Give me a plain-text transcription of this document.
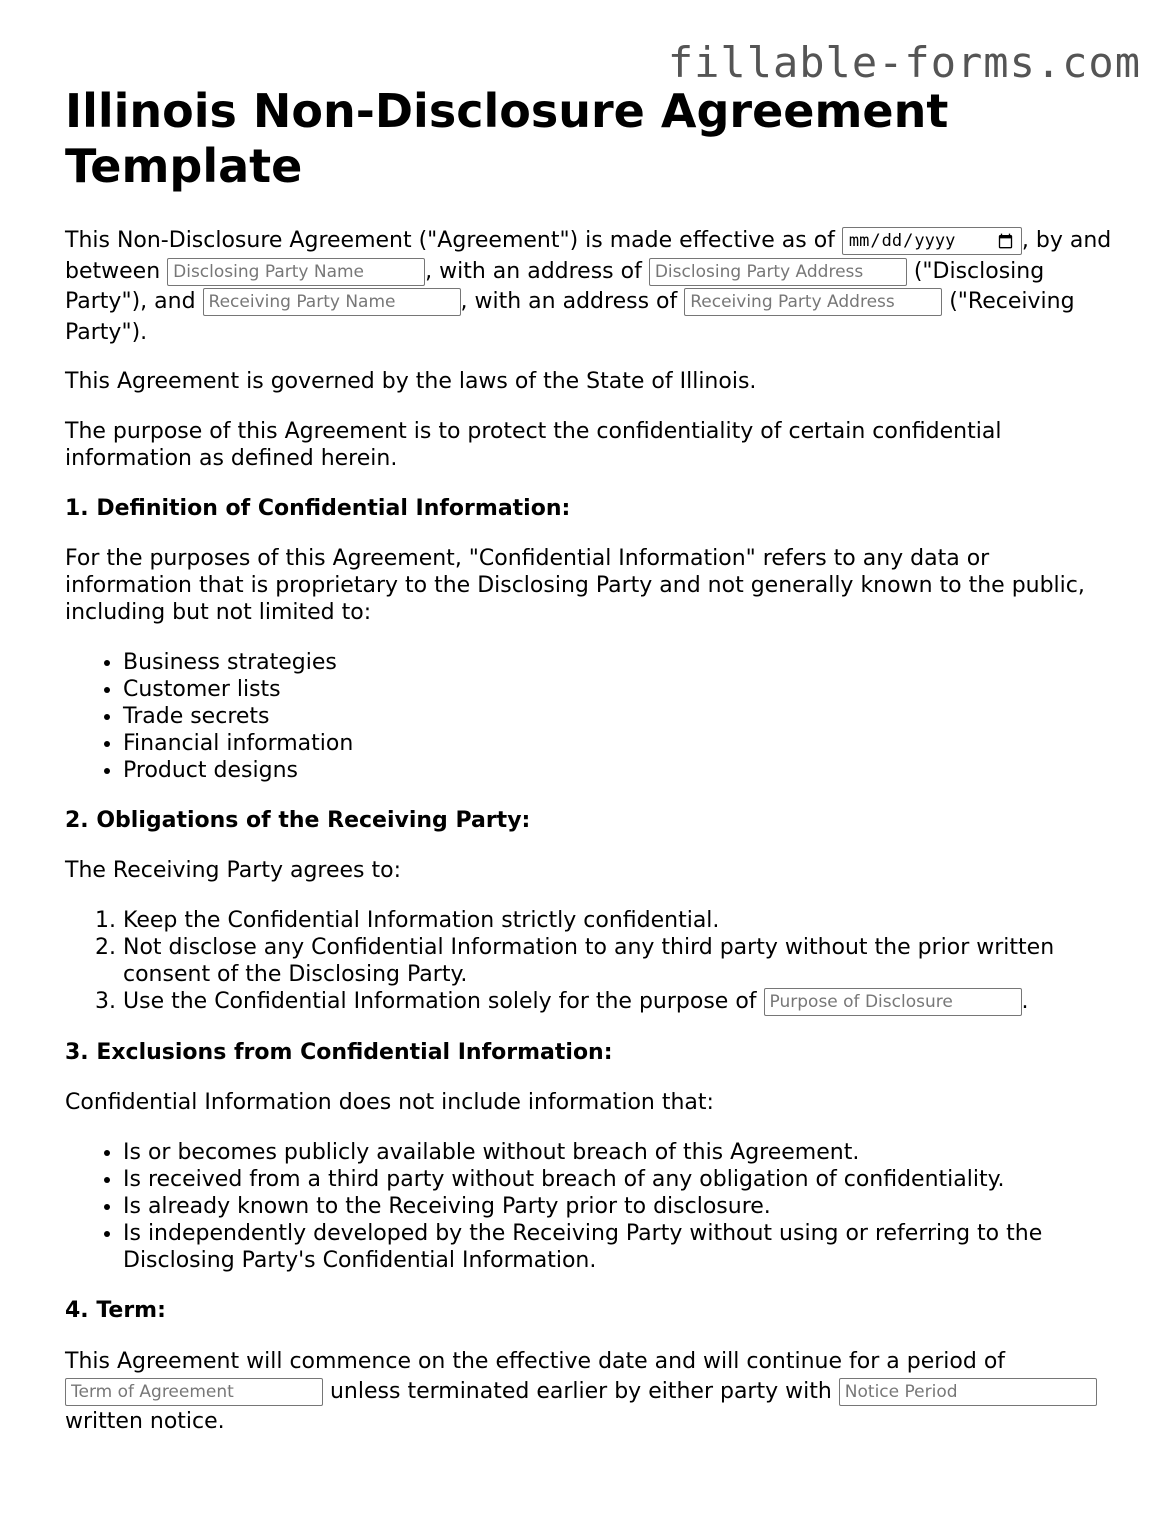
fillable-forms.com
Illinois Non-Disclosure Agreement Template

This Non-Disclosure Agreement ("Agreement") is made effective as of	, by and between Disclosing Party Name	, with an address of Disclosing Party Address	("Disclosing Party"), and Receiving Party Name	, with an address of Receiving Party Address	("Receiving Party").

This Agreement is governed by the laws of the State of Illinois.

The purpose of this Agreement is to protect the confidentiality of certain confidential information as defined herein.

1. Definition of Confidential Information:

For the purposes of this Agreement, "Confidential Information" refers to any data or information that is proprietary to the Disclosing Party and not generally known to the public, including but not limited to:

• Business strategies
• Customer lists
• Trade secrets
• Financial information
• Product designs
2. Obligations of the Receiving Party:

The Receiving Party agrees to:

1. Keep the Confidential Information strictly confidential.
2. Not disclose any Confidential Information to any third party without the prior written consent of the Disclosing Party.
3. Use the Confidential Information solely for the purpose of Purpose of Disclosure	.
3. Exclusions from Confidential Information:

Confidential Information does not include information that:

• Is or becomes publicly available without breach of this Agreement.
• Is received from a third party without breach of any obligation of confidentiality.
• Is already known to the Receiving Party prior to disclosure.
• Is independently developed by the Receiving Party without using or referring to the Disclosing Party's Confidential Information.
4. Term:

This Agreement will commence on the effective date and will continue for a period of Term of Agreement unless terminated earlier by either party with Notice Period written notice.
